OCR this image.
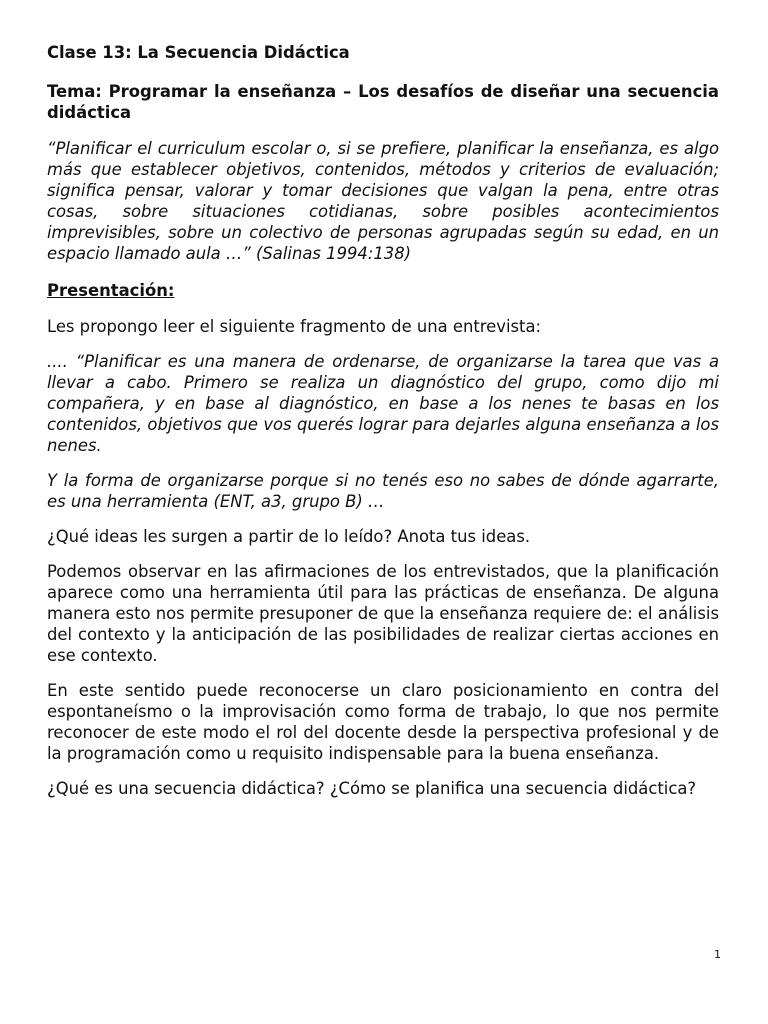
Clase 13: La Secuencia Didáctica
Tema: Programar la enseñanza – Los desafíos de diseñar una secuencia didáctica
“Planificar el curriculum escolar o, si se prefiere, planificar la enseñanza, es algo más que establecer objetivos, contenidos, métodos y criterios de evaluación; significa pensar, valorar y tomar decisiones que valgan la pena, entre otras cosas, sobre situaciones cotidianas, sobre posibles acontecimientos imprevisibles, sobre un colectivo de personas agrupadas según su edad, en un espacio llamado aula …” (Salinas 1994:138)
Presentación:
Les propongo leer el siguiente fragmento de una entrevista:
.... “Planificar es una manera de ordenarse, de organizarse la tarea que vas a llevar a cabo. Primero se realiza un diagnóstico del grupo, como dijo mi compañera, y en base al diagnóstico, en base a los nenes te basas en los contenidos, objetivos que vos querés lograr para dejarles alguna enseñanza a los nenes.
Y la forma de organizarse porque si no tenés eso no sabes de dónde agarrarte, es una herramienta (ENT, a3, grupo B) …
¿Qué ideas les surgen a partir de lo leído? Anota tus ideas.
Podemos observar en las afirmaciones de los entrevistados, que la planificación aparece como una herramienta útil para las prácticas de enseñanza. De alguna manera esto nos permite presuponer de que la enseñanza requiere de: el análisis del contexto y la anticipación de las posibilidades de realizar ciertas acciones en ese contexto.
En este sentido puede reconocerse un claro posicionamiento en contra del espontaneísmo o la improvisación como forma de trabajo, lo que nos permite reconocer de este modo el rol del docente desde la perspectiva profesional y de la programación como u requisito indispensable para la buena enseñanza.
¿Qué es una secuencia didáctica? ¿Cómo se planifica una secuencia didáctica?
1
